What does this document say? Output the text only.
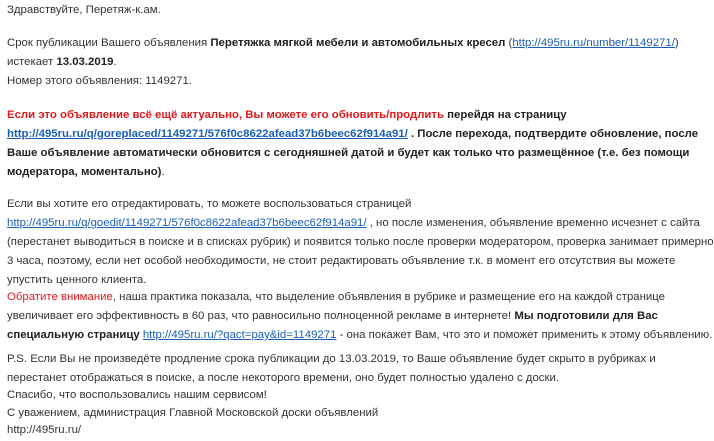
Здравствуйте, Перетяж-к.ам.
Срок публикации Вашего объявления Перетяжка мягкой мебели и автомобильных кресел (http://495ru.ru/number/1149271/)
истекает 13.03.2019.
Номер этого объявления: 1149271.
Если это объявление всё ещё актуально, Вы можете его обновить/продлить перейдя на страницу
http://495ru.ru/q/goreplaced/1149271/576f0c8622afead37b6beec62f914a91/ . После перехода, подтвердите обновление, после
Ваше объявление автоматически обновится с сегодняшней датой и будет как только что размещённое (т.е. без помощи
модератора, моментально).
Если вы хотите его отредактировать, то можете воспользоваться страницей
http://495ru.ru/q/goedit/1149271/576f0c8622afead37b6beec62f914a91/ , но после изменения, объявление временно исчезнет с сайта
(перестанет выводиться в поиске и в списках рубрик) и появится только после проверки модератором, проверка занимает примерно
3 часа, поэтому, если нет особой необходимости, не стоит редактировать объявление т.к. в момент его отсутствия вы можете
упустить ценного клиента.
Обратите внимание, наша практика показала, что выделение объявления в рубрике и размещение его на каждой странице
увеличивает его эффективность в 60 раз, что равносильно полноценной рекламе в интернете! Мы подготовили для Вас
специальную страницу http://495ru.ru/?qact=pay&id=1149271 - она покажет Вам, что это и поможет применить к этому объявлению.
P.S. Если Вы не произведёте продление срока публикации до 13.03.2019, то Ваше объявление будет скрыто в рубриках и
перестанет отображаться в поиске, а после некоторого времени, оно будет полностью удалено с доски.
Спасибо, что воспользовались нашим сервисом!
С уважением, администрация Главной Московской доски объявлений
http://495ru.ru/
